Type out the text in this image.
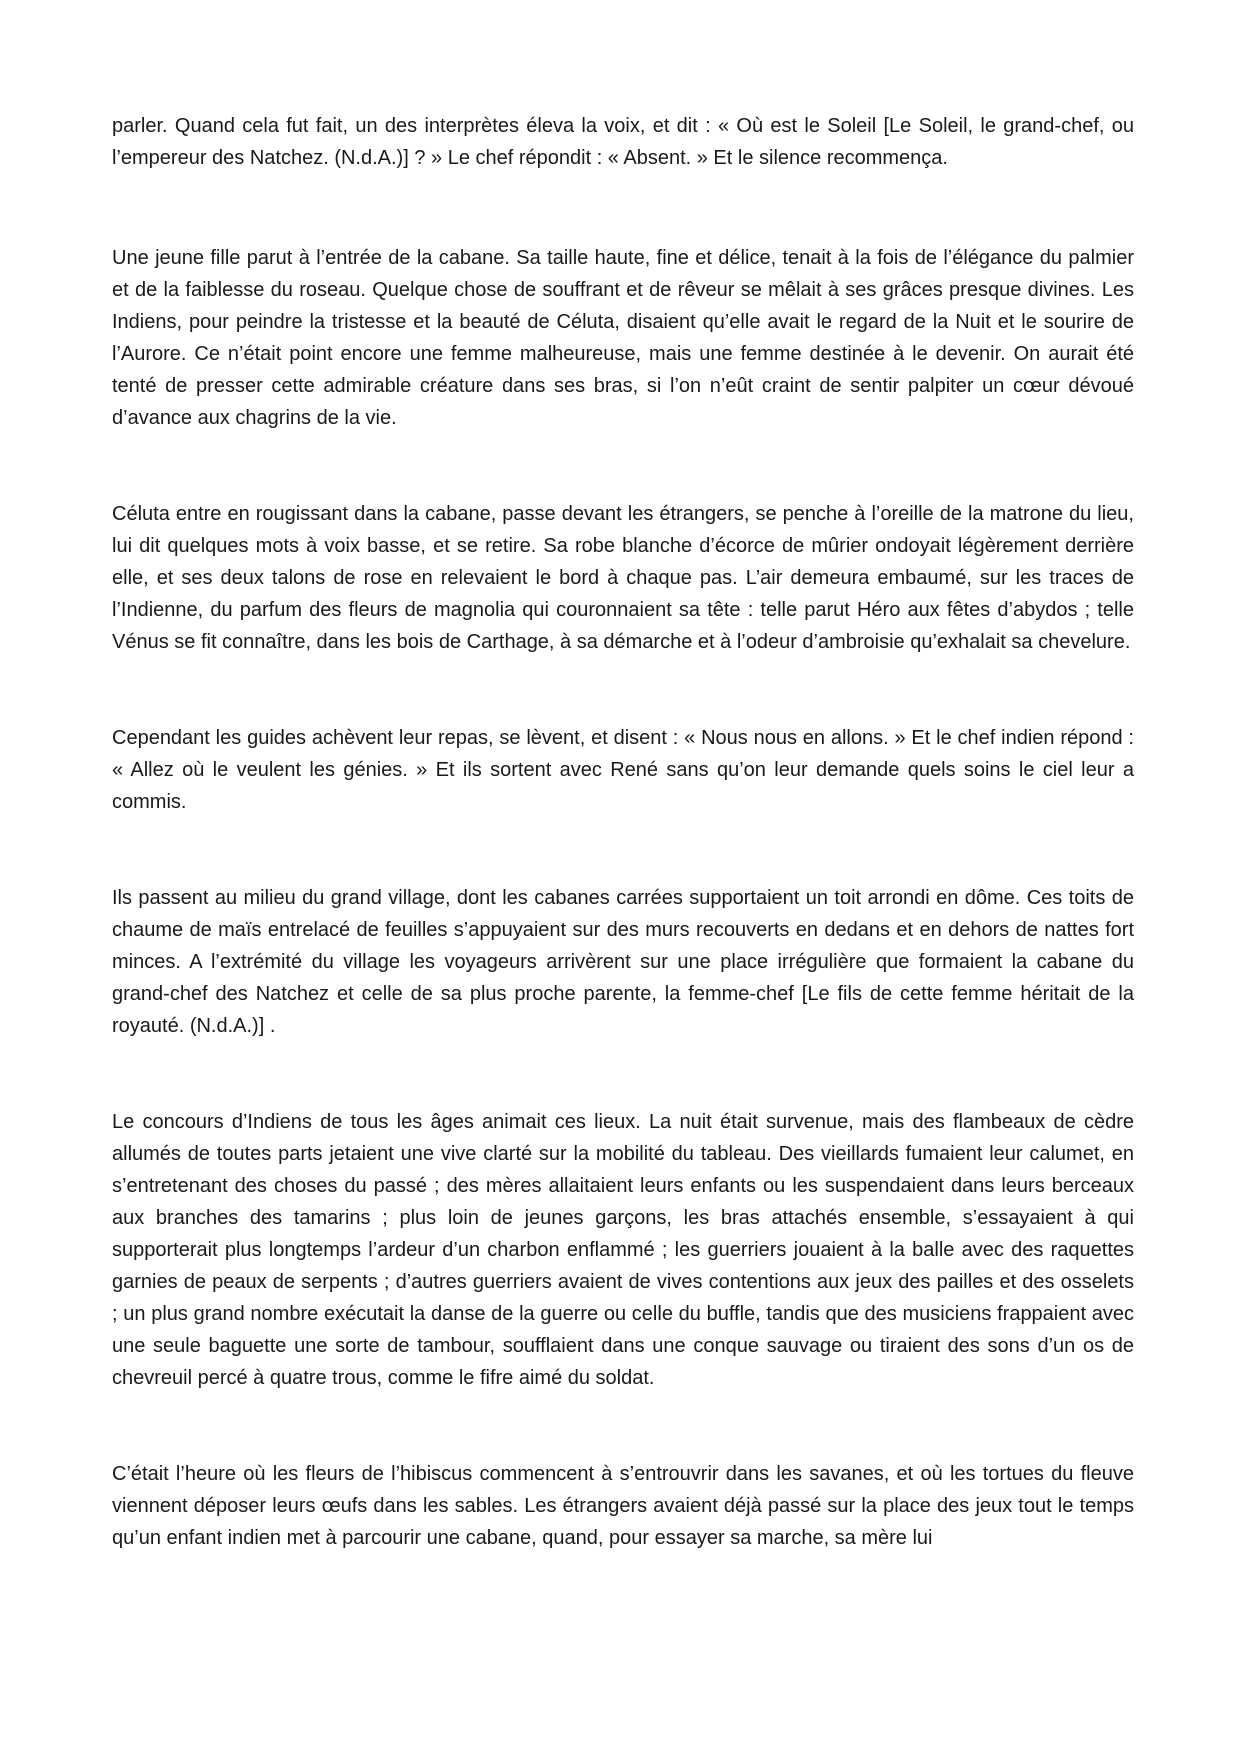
parler. Quand cela fut fait, un des interprètes éleva la voix, et dit : « Où est le Soleil [Le Soleil, le grand-chef, ou l’empereur des Natchez. (N.d.A.)] ? » Le chef répondit : « Absent. » Et le silence recommença.

Une jeune fille parut à l’entrée de la cabane. Sa taille haute, fine et délice, tenait à la fois de l’élégance du palmier et de la faiblesse du roseau. Quelque chose de souffrant et de rêveur se mêlait à ses grâces presque divines. Les Indiens, pour peindre la tristesse et la beauté de Céluta, disaient qu’elle avait le regard de la Nuit et le sourire de l’Aurore. Ce n’était point encore une femme malheureuse, mais une femme destinée à le devenir. On aurait été tenté de presser cette admirable créature dans ses bras, si l’on n’eût craint de sentir palpiter un cœur dévoué d’avance aux chagrins de la vie.

Céluta entre en rougissant dans la cabane, passe devant les étrangers, se penche à l’oreille de la matrone du lieu, lui dit quelques mots à voix basse, et se retire. Sa robe blanche d’écorce de mûrier ondoyait légèrement derrière elle, et ses deux talons de rose en relevaient le bord à chaque pas. L’air demeura embaumé, sur les traces de l’Indienne, du parfum des fleurs de magnolia qui couronnaient sa tête : telle parut Héro aux fêtes d’abydos ; telle Vénus se fit connaître, dans les bois de Carthage, à sa démarche et à l’odeur d’ambroisie qu’exhalait sa chevelure.

Cependant les guides achèvent leur repas, se lèvent, et disent : « Nous nous en allons. » Et le chef indien répond : « Allez où le veulent les génies. » Et ils sortent avec René sans qu’on leur demande quels soins le ciel leur a commis.

Ils passent au milieu du grand village, dont les cabanes carrées supportaient un toit arrondi en dôme. Ces toits de chaume de maïs entrelacé de feuilles s’appuyaient sur des murs recouverts en dedans et en dehors de nattes fort minces. A l’extrémité du village les voyageurs arrivèrent sur une place irrégulière que formaient la cabane du grand-chef des Natchez et celle de sa plus proche parente, la femme-chef [Le fils de cette femme héritait de la royauté. (N.d.A.)] .

Le concours d’Indiens de tous les âges animait ces lieux. La nuit était survenue, mais des flambeaux de cèdre allumés de toutes parts jetaient une vive clarté sur la mobilité du tableau. Des vieillards fumaient leur calumet, en s’entretenant des choses du passé ; des mères allaitaient leurs enfants ou les suspendaient dans leurs berceaux aux branches des tamarins ; plus loin de jeunes garçons, les bras attachés ensemble, s’essayaient à qui supporterait plus longtemps l’ardeur d’un charbon enflammé ; les guerriers jouaient à la balle avec des raquettes garnies de peaux de serpents ; d’autres guerriers avaient de vives contentions aux jeux des pailles et des osselets ; un plus grand nombre exécutait la danse de la guerre ou celle du buffle, tandis que des musiciens frappaient avec une seule baguette une sorte de tambour, soufflaient dans une conque sauvage ou tiraient des sons d’un os de chevreuil percé à quatre trous, comme le fifre aimé du soldat.

C’était l’heure où les fleurs de l’hibiscus commencent à s’entrouvrir dans les savanes, et où les tortues du fleuve viennent déposer leurs œufs dans les sables. Les étrangers avaient déjà passé sur la place des jeux tout le temps qu’un enfant indien met à parcourir une cabane, quand, pour essayer sa marche, sa mère lui
